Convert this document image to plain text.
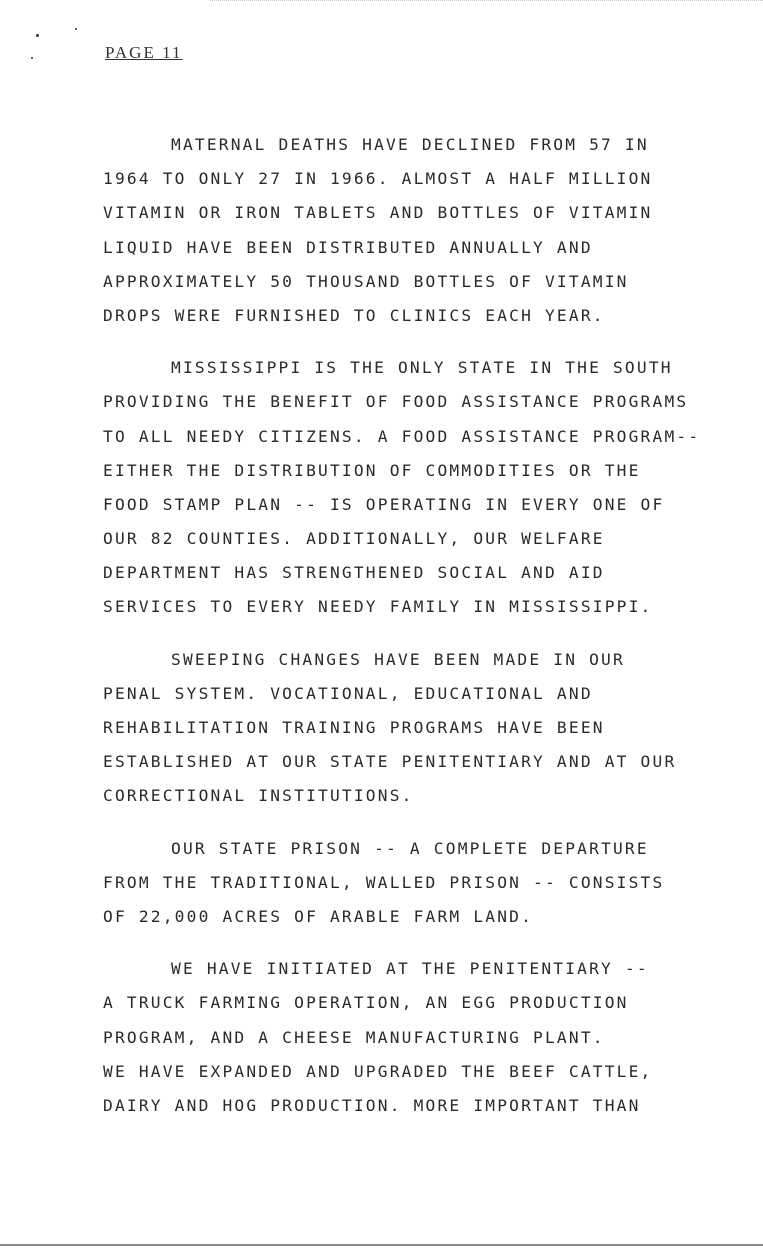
PAGE 11
MATERNAL DEATHS HAVE DECLINED FROM 57 IN
1964 TO ONLY 27 IN 1966. ALMOST A HALF MILLION
VITAMIN OR IRON TABLETS AND BOTTLES OF VITAMIN
LIQUID HAVE BEEN DISTRIBUTED ANNUALLY AND
APPROXIMATELY 50 THOUSAND BOTTLES OF VITAMIN
DROPS WERE FURNISHED TO CLINICS EACH YEAR.
MISSISSIPPI IS THE ONLY STATE IN THE SOUTH
PROVIDING THE BENEFIT OF FOOD ASSISTANCE PROGRAMS
TO ALL NEEDY CITIZENS. A FOOD ASSISTANCE PROGRAM--
EITHER THE DISTRIBUTION OF COMMODITIES OR THE
FOOD STAMP PLAN -- IS OPERATING IN EVERY ONE OF
OUR 82 COUNTIES. ADDITIONALLY, OUR WELFARE
DEPARTMENT HAS STRENGTHENED SOCIAL AND AID
SERVICES TO EVERY NEEDY FAMILY IN MISSISSIPPI.
SWEEPING CHANGES HAVE BEEN MADE IN OUR
PENAL SYSTEM. VOCATIONAL, EDUCATIONAL AND
REHABILITATION TRAINING PROGRAMS HAVE BEEN
ESTABLISHED AT OUR STATE PENITENTIARY AND AT OUR
CORRECTIONAL INSTITUTIONS.
OUR STATE PRISON -- A COMPLETE DEPARTURE
FROM THE TRADITIONAL, WALLED PRISON -- CONSISTS
OF 22,000 ACRES OF ARABLE FARM LAND.
WE HAVE INITIATED AT THE PENITENTIARY --
A TRUCK FARMING OPERATION, AN EGG PRODUCTION
PROGRAM, AND A CHEESE MANUFACTURING PLANT.
WE HAVE EXPANDED AND UPGRADED THE BEEF CATTLE,
DAIRY AND HOG PRODUCTION. MORE IMPORTANT THAN
